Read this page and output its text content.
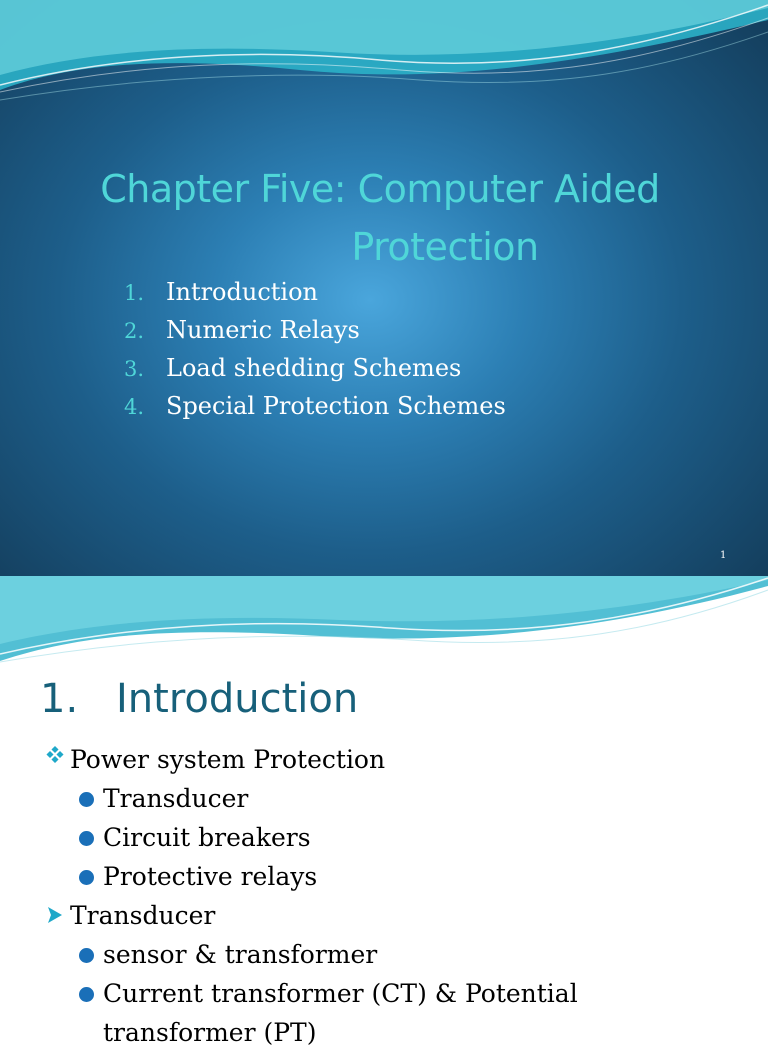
Chapter Five: Computer Aided
Protection
1. Introduction
2. Numeric Relays
3. Load shedding Schemes
4. Special Protection Schemes
1
1. Introduction
Power system Protection
Transducer
Circuit breakers
Protective relays
Transducer
sensor & transformer
Current transformer (CT) & Potential
transformer (PT)
